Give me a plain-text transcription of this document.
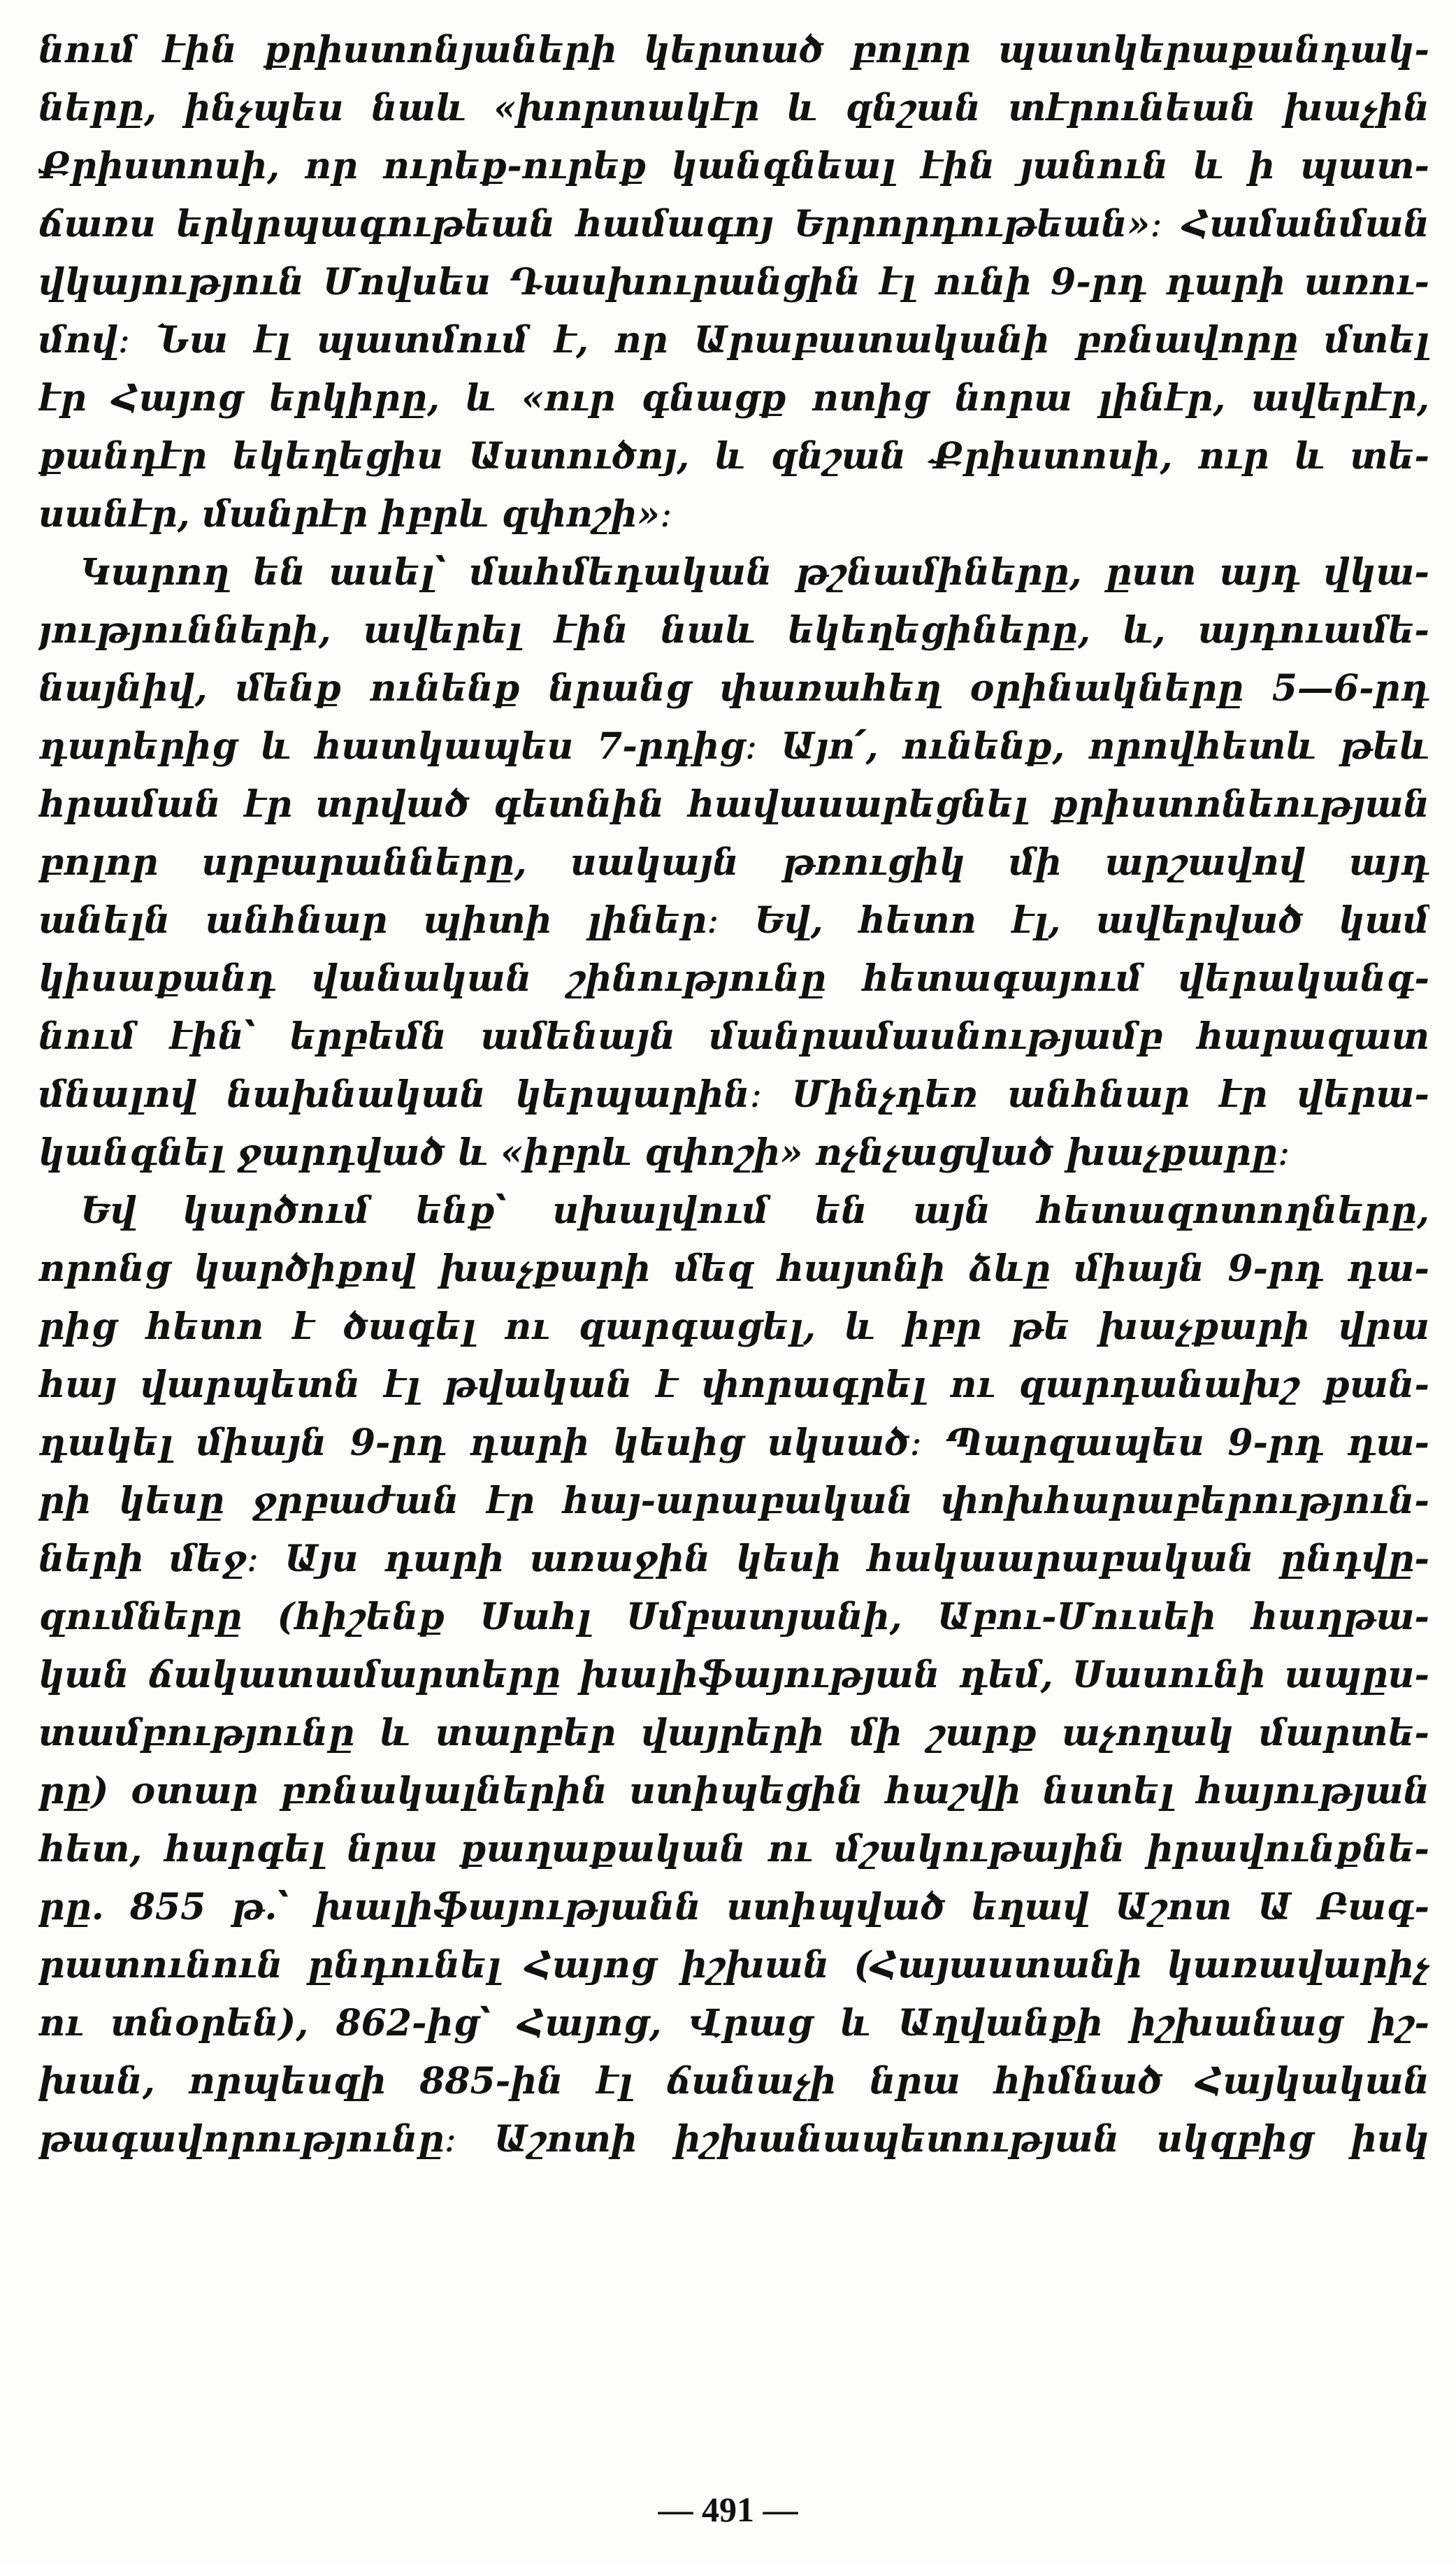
նում էին քրիստոնյաների կերտած բոլոր պատկերաքանդակ-
ները, ինչպես նաև «խորտակէր և զնշան տէրունեան խաչին
Քրիստոսի, որ ուրեք-ուրեք կանգնեալ էին յանուն և ի պատ-
ճառս երկրպագութեան համագոյ Երրորդութեան»։ Համանման
վկայություն Մովսես Դասխուրանցին էլ ունի 9-րդ դարի առու-
մով։ Նա էլ պատմում է, որ Արաբատականի բռնավորը մտել
էր Հայոց երկիրը, և «ուր գնացք ոտից նորա լինէր, ավերէր,
քանդէր եկեղեցիս Աստուծոյ, և զնշան Քրիստոսի, ուր և տե-
սանէր, մանրէր իբրև զփոշի»։
Կարող են ասել՝ մահմեդական թշնամիները, ըստ այդ վկա-
յությունների, ավերել էին նաև եկեղեցիները, և, այդուամե-
նայնիվ, մենք ունենք նրանց փառահեղ օրինակները 5—6-րդ
դարերից և հատկապես 7-րդից։ Այո՛, ունենք, որովհետև թեև
հրաման էր տրված գետնին հավասարեցնել քրիստոնեության
բոլոր սրբարանները, սակայն թռուցիկ մի արշավով այդ
անելն անհնար պիտի լիներ։ Եվ, հետո էլ, ավերված կամ
կիսաքանդ վանական շինությունը հետագայում վերականգ-
նում էին՝ երբեմն ամենայն մանրամասնությամբ հարազատ
մնալով նախնական կերպարին։ Մինչդեռ անհնար էր վերա-
կանգնել ջարդված և «իբրև զփոշի» ոչնչացված խաչքարը։
Եվ կարծում ենք՝ սխալվում են այն հետազոտողները,
որոնց կարծիքով խաչքարի մեզ հայտնի ձևը միայն 9-րդ դա-
րից հետո է ծագել ու զարգացել, և իբր թե խաչքարի վրա
հայ վարպետն էլ թվական է փորագրել ու զարդանախշ քան-
դակել միայն 9-րդ դարի կեսից սկսած։ Պարզապես 9-րդ դա-
րի կեսը ջրբաժան էր հայ-արաբական փոխհարաբերություն-
ների մեջ։ Այս դարի առաջին կեսի հակաարաբական ընդվը-
զումները (հիշենք Սահլ Սմբատյանի, Աբու-Մուսեի հաղթա-
կան ճակատամարտերը խալիֆայության դեմ, Սասունի ապըս-
տամբությունը և տարբեր վայրերի մի շարք աչողակ մարտե-
րը) օտար բռնակալներին ստիպեցին հաշվի նստել հայության
հետ, հարգել նրա քաղաքական ու մշակութային իրավունքնե-
րը. 855 թ.՝ խալիֆայությանն ստիպված եղավ Աշոտ Ա Բագ-
րատունուն ընդունել Հայոց իշխան (Հայաստանի կառավարիչ
ու տնօրեն), 862-ից՝ Հայոց, Վրաց և Աղվանքի իշխանաց իշ-
խան, որպեսզի 885-ին էլ ճանաչի նրա հիմնած Հայկական
թագավորությունը։ Աշոտի իշխանապետության սկզբից իսկ
— 491 —
